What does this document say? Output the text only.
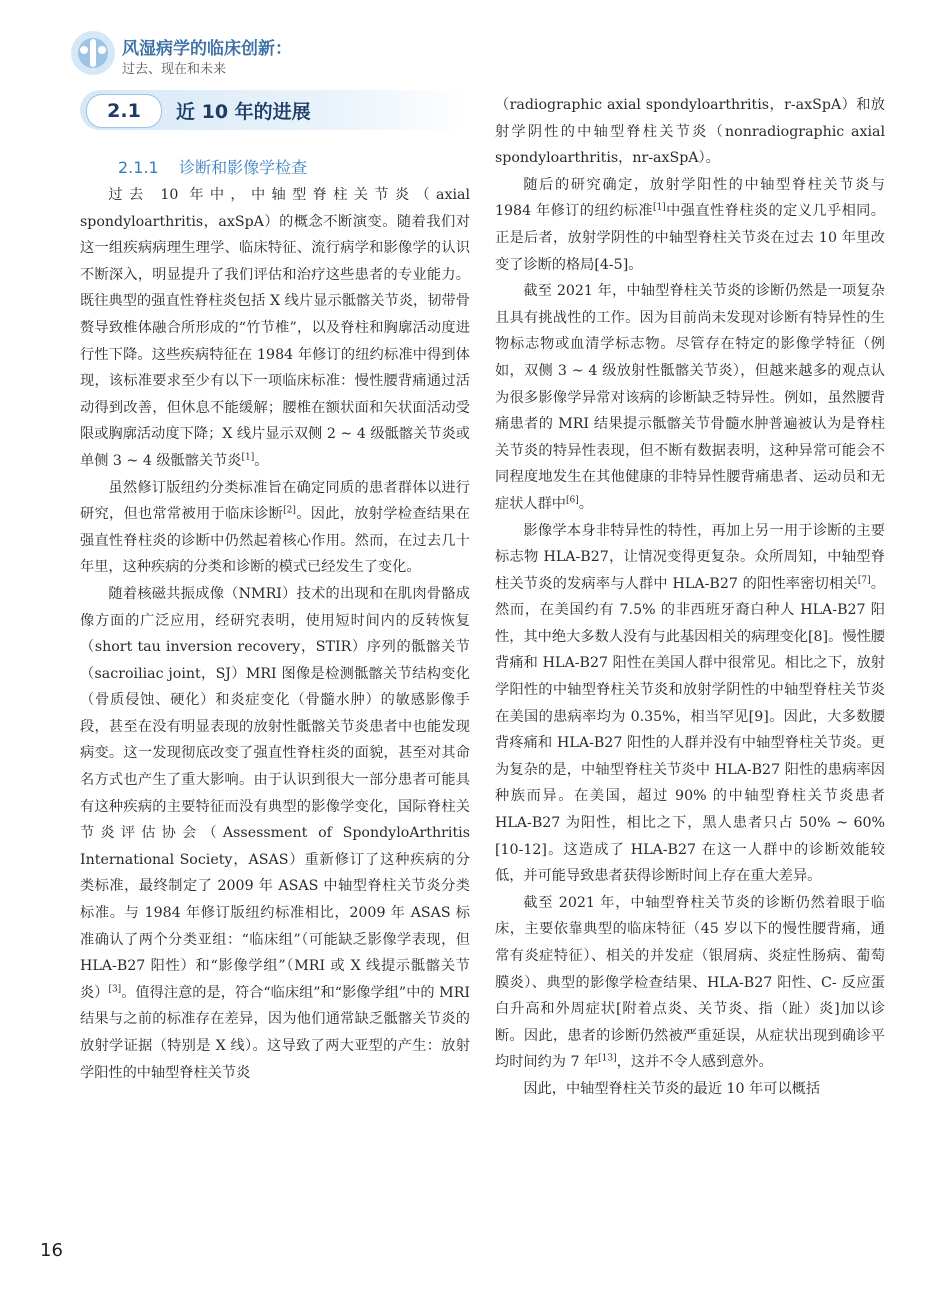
风湿病学的临床创新：
过去、现在和未来
2.1	近 10 年的进展
2.1.1 诊断和影像学检查

过去 10 年中，中轴型脊柱关节炎（axial spondyloarthritis，axSpA）的概念不断演变。随着我们对这一组疾病病理生理学、临床特征、流行病学和影像学的认识不断深入，明显提升了我们评估和治疗这些患者的专业能力。既往典型的强直性脊柱炎包括 X 线片显示骶髂关节炎，韧带骨赘导致椎体融合所形成的“竹节椎”，以及脊柱和胸廓活动度进行性下降。这些疾病特征在 1984 年修订的纽约标准中得到体现，该标准要求至少有以下一项临床标准：慢性腰背痛通过活动得到改善，但休息不能缓解；腰椎在额状面和矢状面活动受限或胸廓活动度下降；X 线片显示双侧 2 ~ 4 级骶髂关节炎或单侧 3 ~ 4 级骶髂关节炎[1]。

虽然修订版纽约分类标准旨在确定同质的患者群体以进行研究，但也常常被用于临床诊断[2]。因此，放射学检查结果在强直性脊柱炎的诊断中仍然起着核心作用。然而，在过去几十年里，这种疾病的分类和诊断的模式已经发生了变化。

随着核磁共振成像（NMRI）技术的出现和在肌肉骨骼成像方面的广泛应用，经研究表明，使用短时间内的反转恢复（short tau inversion recovery，STIR）序列的骶髂关节（sacroiliac joint，SJ）MRI 图像是检测骶髂关节结构变化（骨质侵蚀、硬化）和炎症变化（骨髓水肿）的敏感影像手段，甚至在没有明显表现的放射性骶髂关节炎患者中也能发现病变。这一发现彻底改变了强直性脊柱炎的面貌，甚至对其命名方式也产生了重大影响。由于认识到很大一部分患者可能具有这种疾病的主要特征而没有典型的影像学变化，国际脊柱关节炎评估协会（Assessment of SpondyloArthritis International Society，ASAS）重新修订了这种疾病的分类标准，最终制定了 2009 年 ASAS 中轴型脊柱关节炎分类标准。与 1984 年修订版纽约标准相比，2009 年 ASAS 标准确认了两个分类亚组：“临床组”（可能缺乏影像学表现，但 HLA-B27 阳性）和“影像学组”（MRI 或 X 线提示骶髂关节炎）[3]。值得注意的是，符合“临床组”和“影像学组”中的 MRI 结果与之前的标准存在差异，因为他们通常缺乏骶髂关节炎的放射学证据（特别是 X 线）。这导致了两大亚型的产生：放射学阳性的中轴型脊柱关节炎

（radiographic axial spondyloarthritis，r-axSpA）和放射学阴性的中轴型脊柱关节炎（nonradiographic axial spondyloarthritis，nr-axSpA）。

随后的研究确定，放射学阳性的中轴型脊柱关节炎与 1984 年修订的纽约标准[1]中强直性脊柱炎的定义几乎相同。正是后者，放射学阴性的中轴型脊柱关节炎在过去 10 年里改变了诊断的格局[4-5]。

截至 2021 年，中轴型脊柱关节炎的诊断仍然是一项复杂且具有挑战性的工作。因为目前尚未发现对诊断有特异性的生物标志物或血清学标志物。尽管存在特定的影像学特征（例如，双侧 3 ~ 4 级放射性骶髂关节炎），但越来越多的观点认为很多影像学异常对该病的诊断缺乏特异性。例如，虽然腰背痛患者的 MRI 结果提示骶髂关节骨髓水肿普遍被认为是脊柱关节炎的特异性表现，但不断有数据表明，这种异常可能会不同程度地发生在其他健康的非特异性腰背痛患者、运动员和无症状人群中[6]。

影像学本身非特异性的特性，再加上另一用于诊断的主要标志物 HLA-B27，让情况变得更复杂。众所周知，中轴型脊柱关节炎的发病率与人群中 HLA-B27 的阳性率密切相关[7]。然而，在美国约有 7.5% 的非西班牙裔白种人 HLA-B27 阳性，其中绝大多数人没有与此基因相关的病理变化[8]。慢性腰背痛和 HLA-B27 阳性在美国人群中很常见。相比之下，放射学阳性的中轴型脊柱关节炎和放射学阴性的中轴型脊柱关节炎在美国的患病率均为 0.35%，相当罕见[9]。因此，大多数腰背疼痛和 HLA-B27 阳性的人群并没有中轴型脊柱关节炎。更为复杂的是，中轴型脊柱关节炎中 HLA-B27 阳性的患病率因种族而异。在美国，超过 90% 的中轴型脊柱关节炎患者 HLA-B27 为阳性，相比之下，黑人患者只占 50% ~ 60%[10-12]。这造成了 HLA-B27 在这一人群中的诊断效能较低，并可能导致患者获得诊断时间上存在重大差异。

截至 2021 年，中轴型脊柱关节炎的诊断仍然着眼于临床，主要依靠典型的临床特征（45 岁以下的慢性腰背痛，通常有炎症特征）、相关的并发症（银屑病、炎症性肠病、葡萄膜炎）、典型的影像学检查结果、HLA-B27 阳性、C- 反应蛋白升高和外周症状[附着点炎、关节炎、指（趾）炎]加以诊断。因此，患者的诊断仍然被严重延误，从症状出现到确诊平均时间约为 7 年[13]，这并不令人感到意外。

因此，中轴型脊柱关节炎的最近 10 年可以概括

16
